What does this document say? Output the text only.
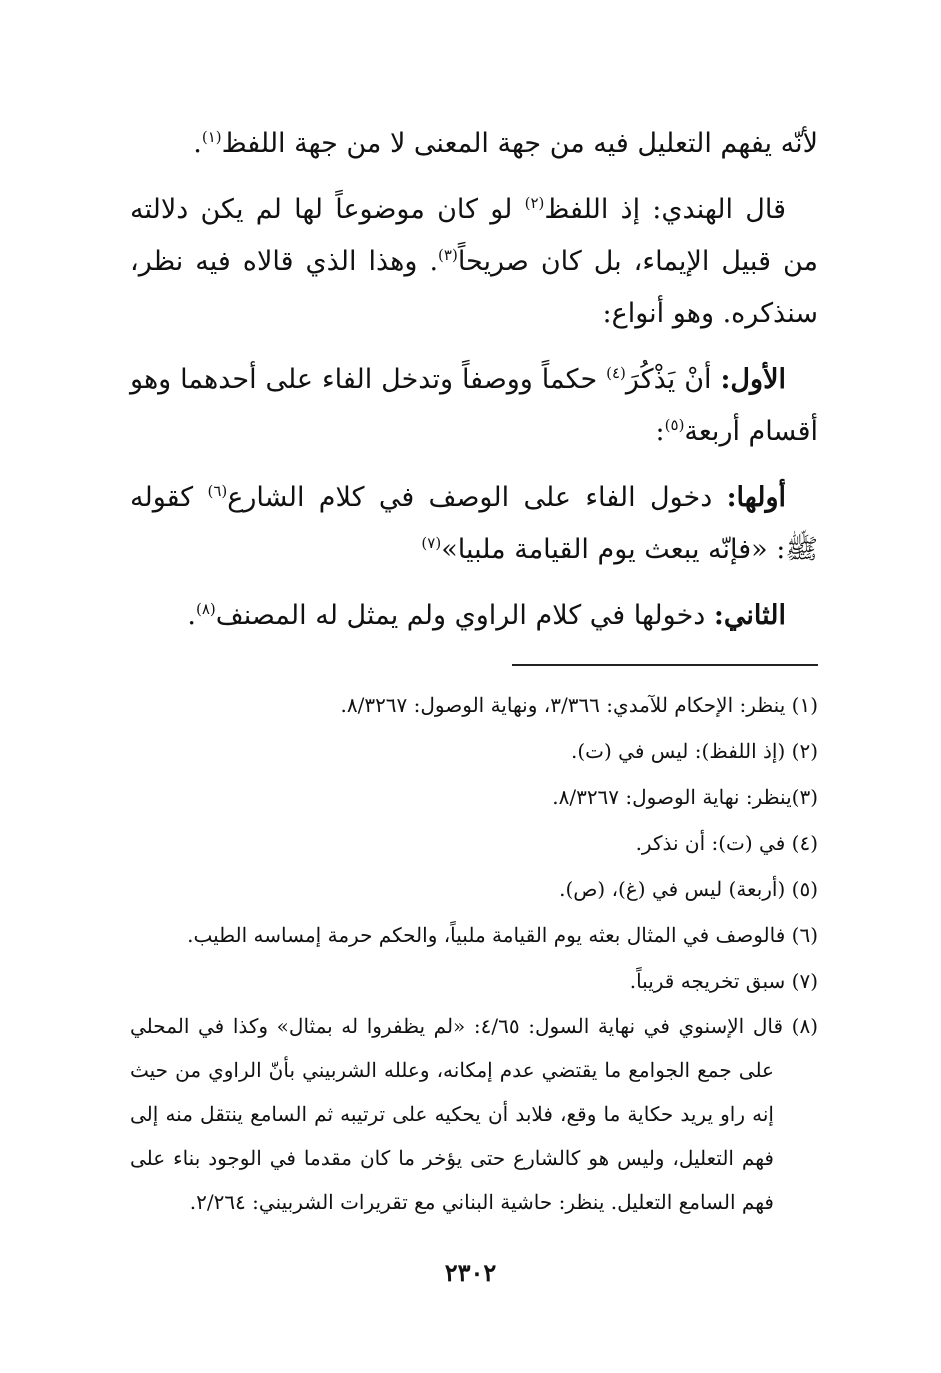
لأنّه يفهم التعليل فيه من جهة المعنى لا من جهة اللفظ$^{(١)}$.

قال الهندي: إذ اللفظ$^{(٢)}$ لو كان موضوعاً لها لم يكن دلالته من قبيل الإيماء، بل كان صريحاً$^{(٣)}$. وهذا الذي قالاه فيه نظر، سنذكره. وهو أنواع:

الأول: أنْ يَذْكُرَ$^{(٤)}$ حكماً ووصفاً وتدخل الفاء على أحدهما وهو أقسام أربعة$^{(٥)}$:

أولها: دخول الفاء على الوصف في كلام الشارع$^{(٦)}$ كقوله ﷺ: «فإنّه يبعث يوم القيامة ملبيا»$^{(٧)}$

الثاني: دخولها في كلام الراوي ولم يمثل له المصنف$^{(٨)}$.

(١) ينظر: الإحكام للآمدي: ٣/٣٦٦، ونهاية الوصول: ٨/٣٢٦٧.

(٢) (إذ اللفظ): ليس في (ت).

(٣)ينظر: نهاية الوصول: ٨/٣٢٦٧.

(٤) في (ت): أن نذكر.

(٥) (أربعة) ليس في (غ)، (ص).

(٦) فالوصف في المثال بعثه يوم القيامة ملبياً، والحكم حرمة إمساسه الطيب.

(٧) سبق تخريجه قريباً.

(٨) قال الإسنوي في نهاية السول: ٤/٦٥: «لم يظفروا له بمثال» وكذا في المحلي على جمع الجوامع ما يقتضي عدم إمكانه، وعلله الشربيني بأنّ الراوي من حيث إنه راو يريد حكاية ما وقع، فلابد أن يحكيه على ترتيبه ثم السامع ينتقل منه إلى فهم التعليل، وليس هو كالشارع حتى يؤخر ما كان مقدما في الوجود بناء على فهم السامع التعليل. ينظر: حاشية البناني مع تقريرات الشربيني: ٢/٢٦٤.

٢٣٠٢
